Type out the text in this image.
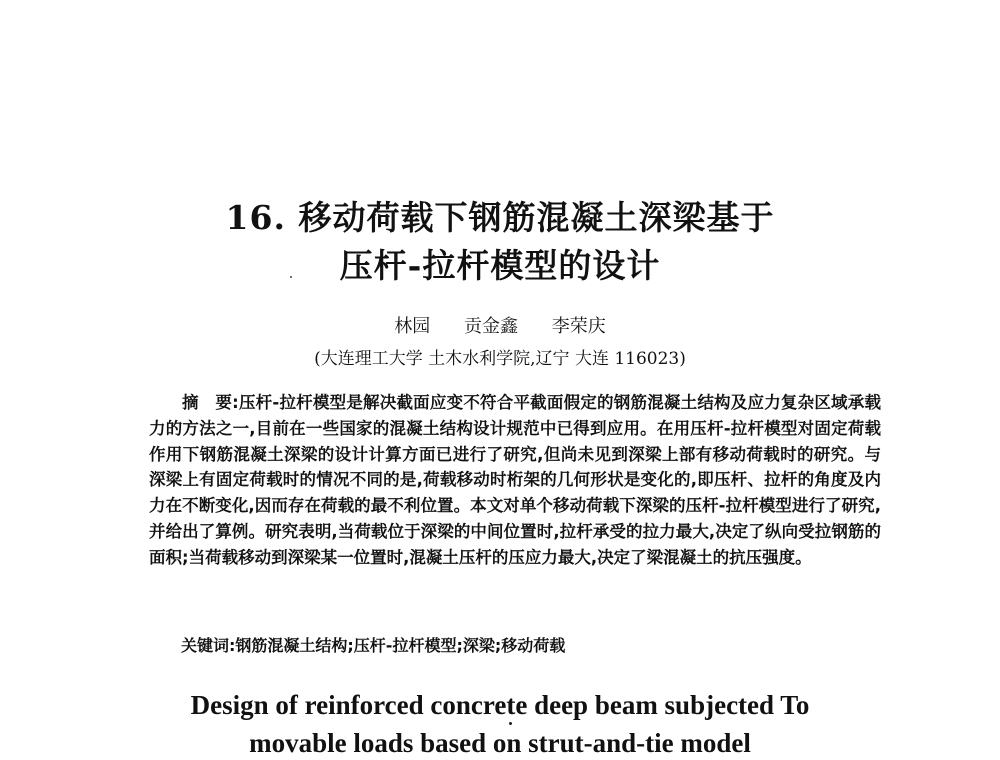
16. 移动荷载下钢筋混凝土深梁基于
压杆-拉杆模型的设计
林园 贡金鑫 李荣庆
(大连理工大学 土木水利学院,辽宁 大连 116023)

摘　要:压杆-拉杆模型是解决截面应变不符合平截面假定的钢筋混凝土结构及应力复杂区域承载力的方法之一,目前在一些国家的混凝土结构设计规范中已得到应用。在用压杆-拉杆模型对固定荷载作用下钢筋混凝土深梁的设计计算方面已进行了研究,但尚未见到深梁上部有移动荷载时的研究。与深梁上有固定荷载时的情况不同的是,荷载移动时桁架的几何形状是变化的,即压杆、拉杆的角度及内力在不断变化,因而存在荷载的最不利位置。本文对单个移动荷载下深梁的压杆-拉杆模型进行了研究,并给出了算例。研究表明,当荷载位于深梁的中间位置时,拉杆承受的拉力最大,决定了纵向受拉钢筋的面积;当荷载移动到深梁某一位置时,混凝土压杆的压应力最大,决定了梁混凝土的抗压强度。

关键词:钢筋混凝土结构;压杆-拉杆模型;深梁;移动荷载
Design of reinforced concrete deep beam subjected To
movable loads based on strut-and-tie model
